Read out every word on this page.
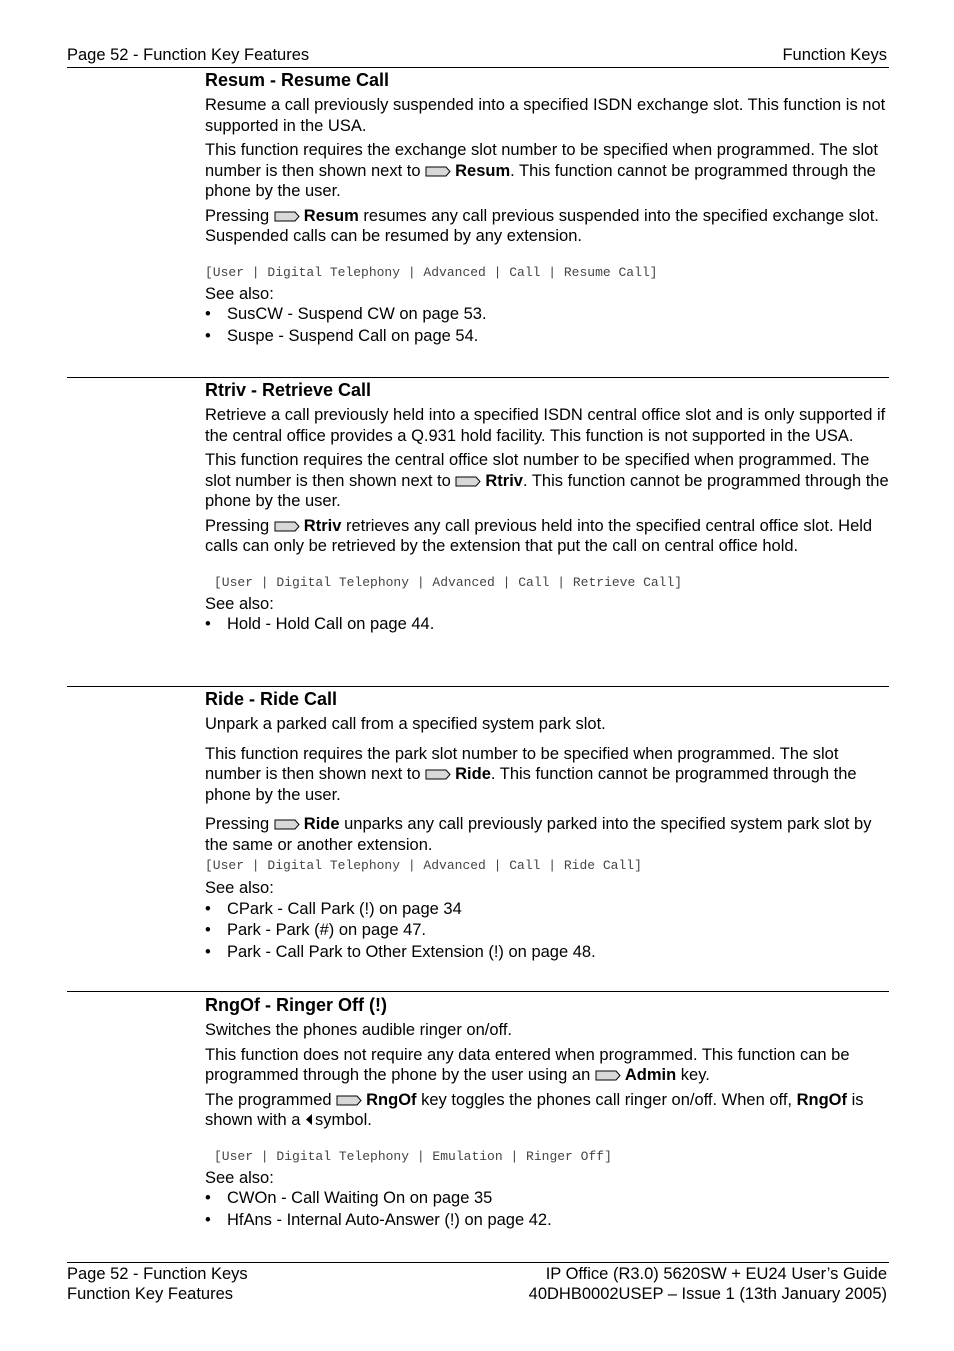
Page 52 - Function Key Features	Function Keys
Resum - Resume Call

Resume a call previously suspended into a specified ISDN exchange slot. This function is not supported in the USA.

This function requires the exchange slot number to be specified when programmed. The slot number is then shown next to
Resum. This function cannot be programmed through the phone by the user.

Pressing
Resum resumes any call previous suspended into the specified exchange slot. Suspended calls can be resumed by any extension.

[User | Digital Telephony | Advanced | Call | Resume Call]

See also:

• SusCW - Suspend CW on page 53.
• Suspe - Suspend Call on page 54.
Rtriv - Retrieve Call

Retrieve a call previously held into a specified ISDN central office slot and is only supported if the central office provides a Q.931 hold facility. This function is not supported in the USA.

This function requires the central office slot number to be specified when programmed. The slot number is then shown next to
Rtriv. This function cannot be programmed through the phone by the user.

Pressing
Rtriv retrieves any call previous held into the specified central office slot. Held calls can only be retrieved by the extension that put the call on central office hold.

[User | Digital Telephony | Advanced | Call | Retrieve Call]

See also:

• Hold - Hold Call on page 44.
Ride - Ride Call

Unpark a parked call from a specified system park slot.

This function requires the park slot number to be specified when programmed. The slot number is then shown next to
Ride. This function cannot be programmed through the phone by the user.

Pressing
Ride unparks any call previously parked into the specified system park slot by the same or another extension.

[User | Digital Telephony | Advanced | Call | Ride Call]

See also:

• CPark - Call Park (!) on page 34
• Park - Park (#) on page 47.
• Park - Call Park to Other Extension (!) on page 48.
RngOf - Ringer Off (!)

Switches the phones audible ringer on/off.

This function does not require any data entered when programmed. This function can be programmed through the phone by the user using an
Admin key.

The programmed
RngOf key toggles the phones call ringer on/off. When off, RngOf is shown with a symbol.

[User | Digital Telephony | Emulation | Ringer Off]

See also:

• CWOn - Call Waiting On on page 35
• HfAns - Internal Auto-Answer (!) on page 42.
Page 52 - Function Keys
Function Key Features
IP Office (R3.0) 5620SW + EU24 User’s Guide
40DHB0002USEP – Issue 1 (13th January 2005)
